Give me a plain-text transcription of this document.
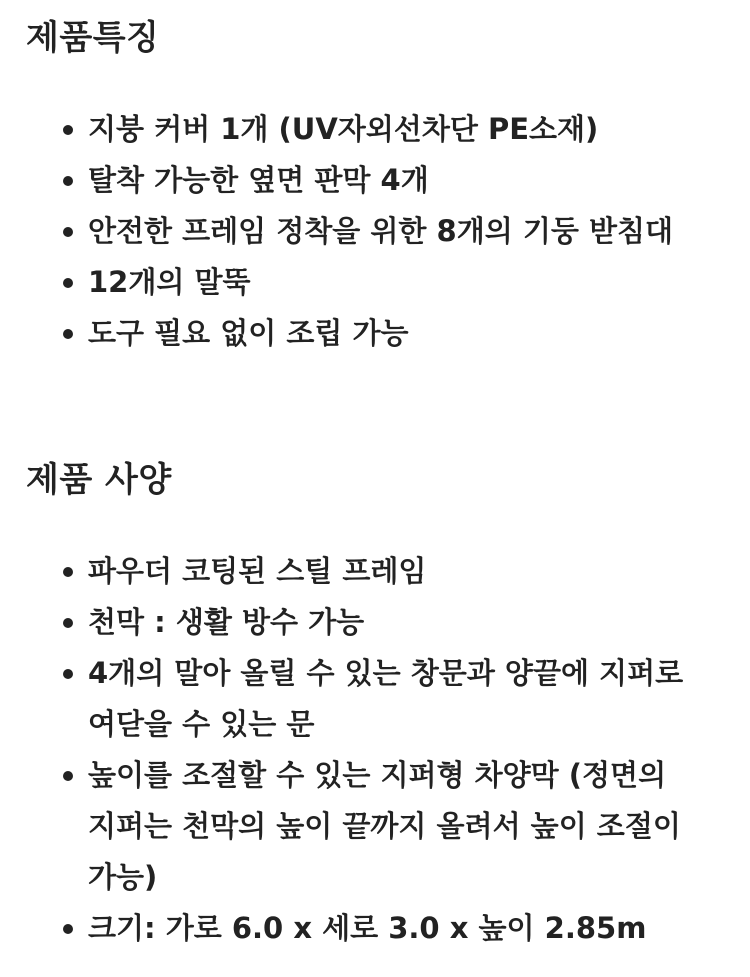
제품특징
지붕 커버 1개 (UV자외선차단 PE소재)
탈착 가능한 옆면 판막 4개
안전한 프레임 정착을 위한 8개의 기둥 받침대
12개의 말뚝
도구 필요 없이 조립 가능
제품 사양
파우더 코팅된 스틸 프레임
천막 : 생활 방수 가능
4개의 말아 올릴 수 있는 창문과 양끝에 지퍼로 여닫을 수 있는 문
높이를 조절할 수 있는 지퍼형 차양막 (정면의 지퍼는 천막의 높이 끝까지 올려서 높이 조절이 가능)
크기: 가로 6.0 x 세로 3.0 x 높이 2.85m
